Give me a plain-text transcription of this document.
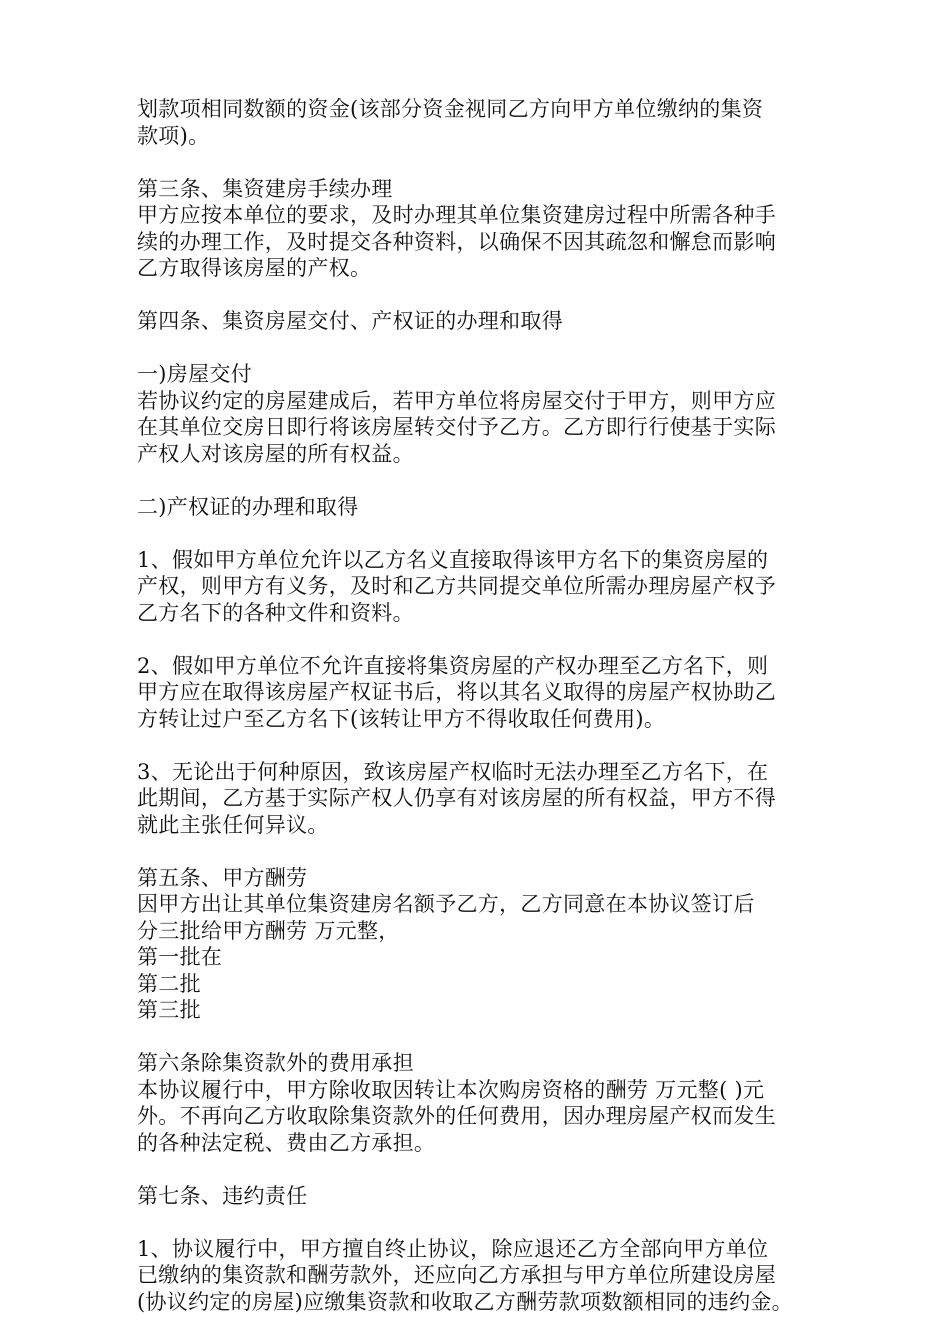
划款项相同数额的资金(该部分资金视同乙方向甲方单位缴纳的集资
款项)。
第三条、集资建房手续办理
甲方应按本单位的要求，及时办理其单位集资建房过程中所需各种手
续的办理工作，及时提交各种资料，以确保不因其疏忽和懈怠而影响
乙方取得该房屋的产权。
第四条、集资房屋交付、产权证的办理和取得
一)房屋交付
若协议约定的房屋建成后，若甲方单位将房屋交付于甲方，则甲方应
在其单位交房日即行将该房屋转交付予乙方。乙方即行行使基于实际
产权人对该房屋的所有权益。
二)产权证的办理和取得
1、假如甲方单位允许以乙方名义直接取得该甲方名下的集资房屋的
产权，则甲方有义务，及时和乙方共同提交单位所需办理房屋产权予
乙方名下的各种文件和资料。
2、假如甲方单位不允许直接将集资房屋的产权办理至乙方名下，则
甲方应在取得该房屋产权证书后，将以其名义取得的房屋产权协助乙
方转让过户至乙方名下(该转让甲方不得收取任何费用)。
3、无论出于何种原因，致该房屋产权临时无法办理至乙方名下，在
此期间，乙方基于实际产权人仍享有对该房屋的所有权益，甲方不得
就此主张任何异议。
第五条、甲方酬劳
因甲方出让其单位集资建房名额予乙方，乙方同意在本协议签订后
分三批给甲方酬劳 万元整，
第一批在
第二批
第三批
第六条除集资款外的费用承担
本协议履行中，甲方除收取因转让本次购房资格的酬劳 万元整( )元
外。不再向乙方收取除集资款外的任何费用，因办理房屋产权而发生
的各种法定税、费由乙方承担。
第七条、违约责任
1、协议履行中，甲方擅自终止协议，除应退还乙方全部向甲方单位
已缴纳的集资款和酬劳款外，还应向乙方承担与甲方单位所建设房屋
(协议约定的房屋)应缴集资款和收取乙方酬劳款项数额相同的违约金。
